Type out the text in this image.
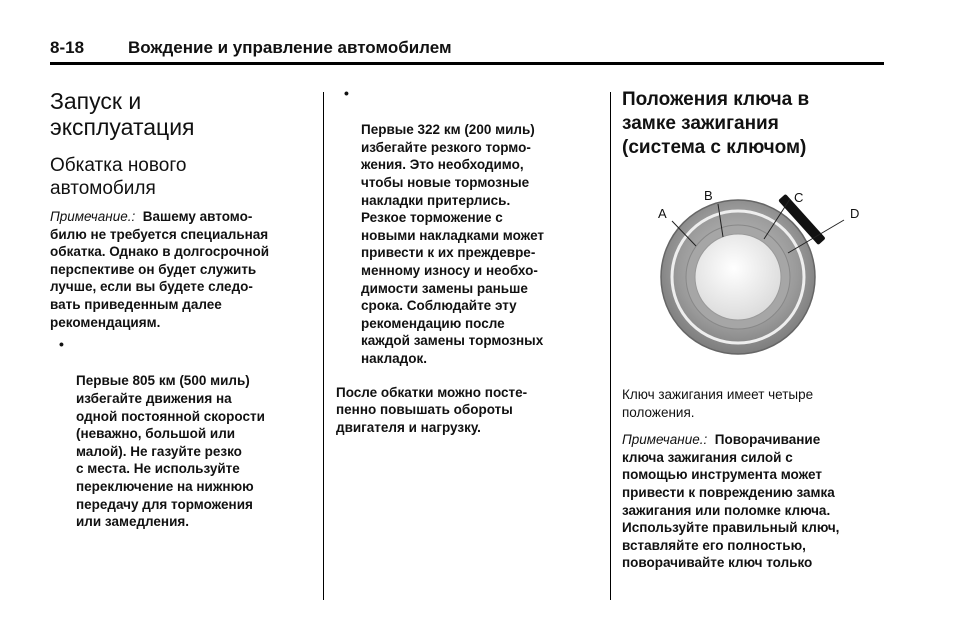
8-18	Вождение и управление автомобилем
Запуск и эксплуатация
Обкатка нового автомобиля

Примечание.: Вашему автомо-
билю не требуется специальная
обкатка. Однако в долгосрочной
перспективе он будет служить
лучше, если вы будете следо-
вать приведенным далее
рекомендациям.

•

Первые 805 км (500 миль)
избегайте движения на
одной постоянной скорости
(неважно, большой или
малой). Не газуйте резко
с места. Не используйте
переключение на нижнюю
передачу для торможения
или замедления.

•

Первые 322 км (200 миль)
избегайте резкого тормо-
жения. Это необходимо,
чтобы новые тормозные
накладки притерлись.
Резкое торможение с
новыми накладками может
привести к их преждевре-
менному износу и необхо-
димости замены раньше
срока. Соблюдайте эту
рекомендацию после
каждой замены тормозных
накладок.

После обкатки можно посте-
пенно повышать обороты
двигателя и нагрузку.

Положения ключа в замке зажигания (система с ключом)
A
B	C
D

Ключ зажигания имеет четыре
положения.

Примечание.: Поворачивание
ключа зажигания силой с
помощью инструмента может
привести к повреждению замка
зажигания или поломке ключа.
Используйте правильный ключ,
вставляйте его полностью,
поворачивайте ключ только
